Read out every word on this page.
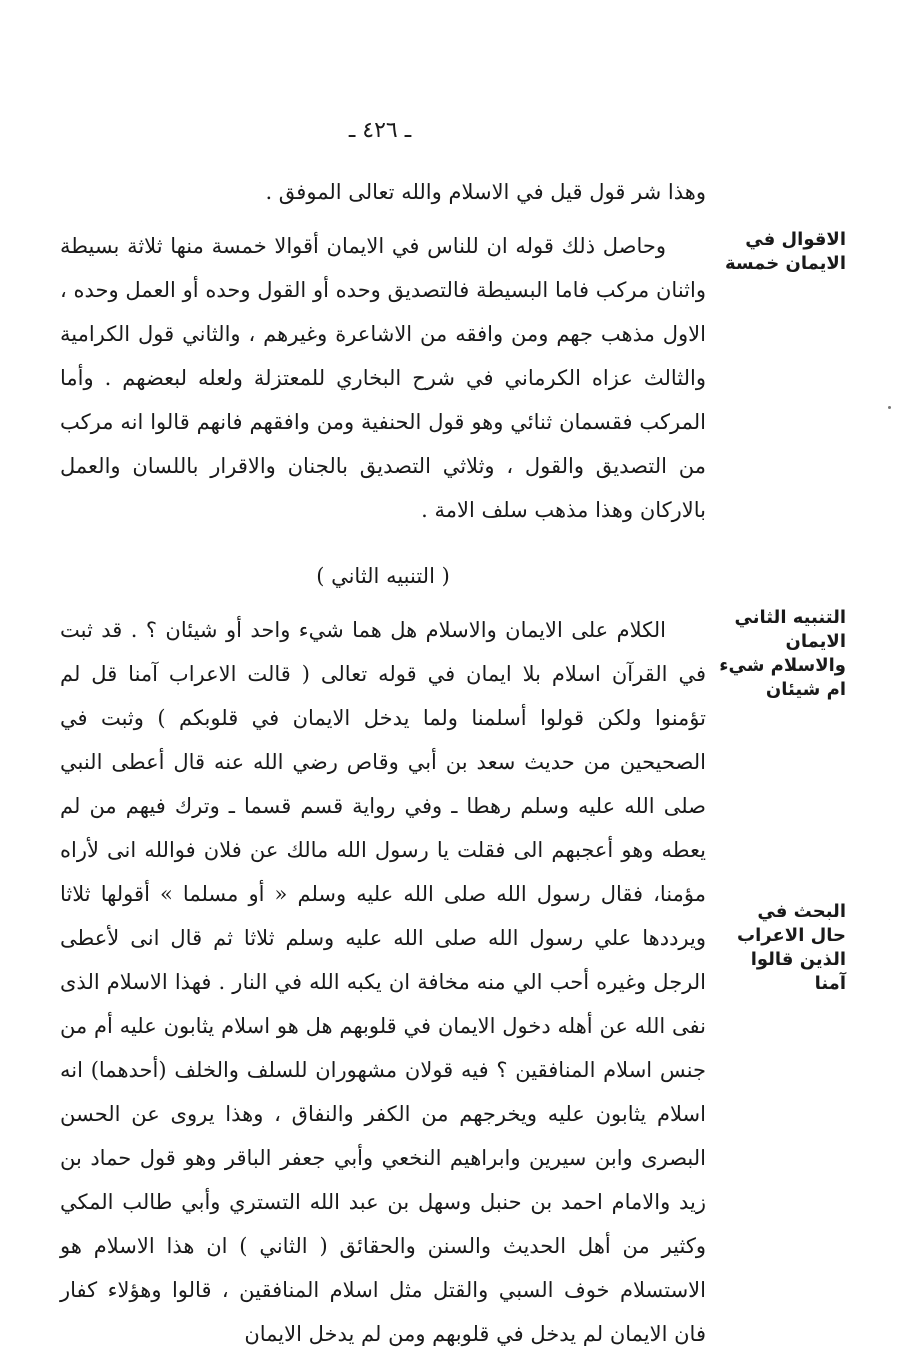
ـ ٤٢٦ ـ
الاقوال في الايمان خمسة
التنبيه الثاني الايمان والاسلام شيء ام شيئان
البحث في حال الاعراب الذين قالوا آمنا

وهذا شر قول قيل في الاسلام والله تعالى الموفق .

وحاصل ذلك قوله ان للناس في الايمان أقوالا خمسة منها ثلاثة بسيطة واثنان مركب فاما البسيطة فالتصديق وحده أو القول وحده أو العمل وحده ، الاول مذهب جهم ومن وافقه من الاشاعرة وغيرهم ، والثاني قول الكرامية والثالث عزاه الكرماني في شرح البخاري للمعتزلة ولعله لبعضهم . وأما المركب فقسمان ثنائي وهو قول الحنفية ومن وافقهم فانهم قالوا انه مركب من التصديق والقول ، وثلاثي التصديق بالجنان والاقرار باللسان والعمل بالاركان وهذا مذهب سلف الامة .

( التنبيه الثاني )

الكلام على الايمان والاسلام هل هما شيء واحد أو شيئان ؟ . قد ثبت في القرآن اسلام بلا ايمان في قوله تعالى ( قالت الاعراب آمنا قل لم تؤمنوا ولكن قولوا أسلمنا ولما يدخل الايمان في قلوبكم ) وثبت في الصحيحين من حديث سعد بن أبي وقاص رضي الله عنه قال أعطى النبي صلى الله عليه وسلم رهطا ـ وفي رواية قسم قسما ـ وترك فيهم من لم يعطه وهو أعجبهم الى فقلت يا رسول الله مالك عن فلان فوالله انى لأراه مؤمنا، فقال رسول الله صلى الله عليه وسلم « أو مسلما » أقولها ثلاثا ويرددها علي رسول الله صلى الله عليه وسلم ثلاثا ثم قال انى لأعطى الرجل وغيره أحب الي منه مخافة ان يكبه الله في النار . فهذا الاسلام الذى نفى الله عن أهله دخول الايمان في قلوبهم هل هو اسلام يثابون عليه أم من جنس اسلام المنافقين ؟ فيه قولان مشهوران للسلف والخلف (أحدهما) انه اسلام يثابون عليه ويخرجهم من الكفر والنفاق ، وهذا يروى عن الحسن البصرى وابن سيرين وابراهيم النخعي وأبي جعفر الباقر وهو قول حماد بن زيد والامام احمد بن حنبل وسهل بن عبد الله التستري وأبي طالب المكي وكثير من أهل الحديث والسنن والحقائق ( الثاني ) ان هذا الاسلام هو الاستسلام خوف السبي والقتل مثل اسلام المنافقين ، قالوا وهؤلاء كفار فان الايمان لم يدخل في قلوبهم ومن لم يدخل الايمان
